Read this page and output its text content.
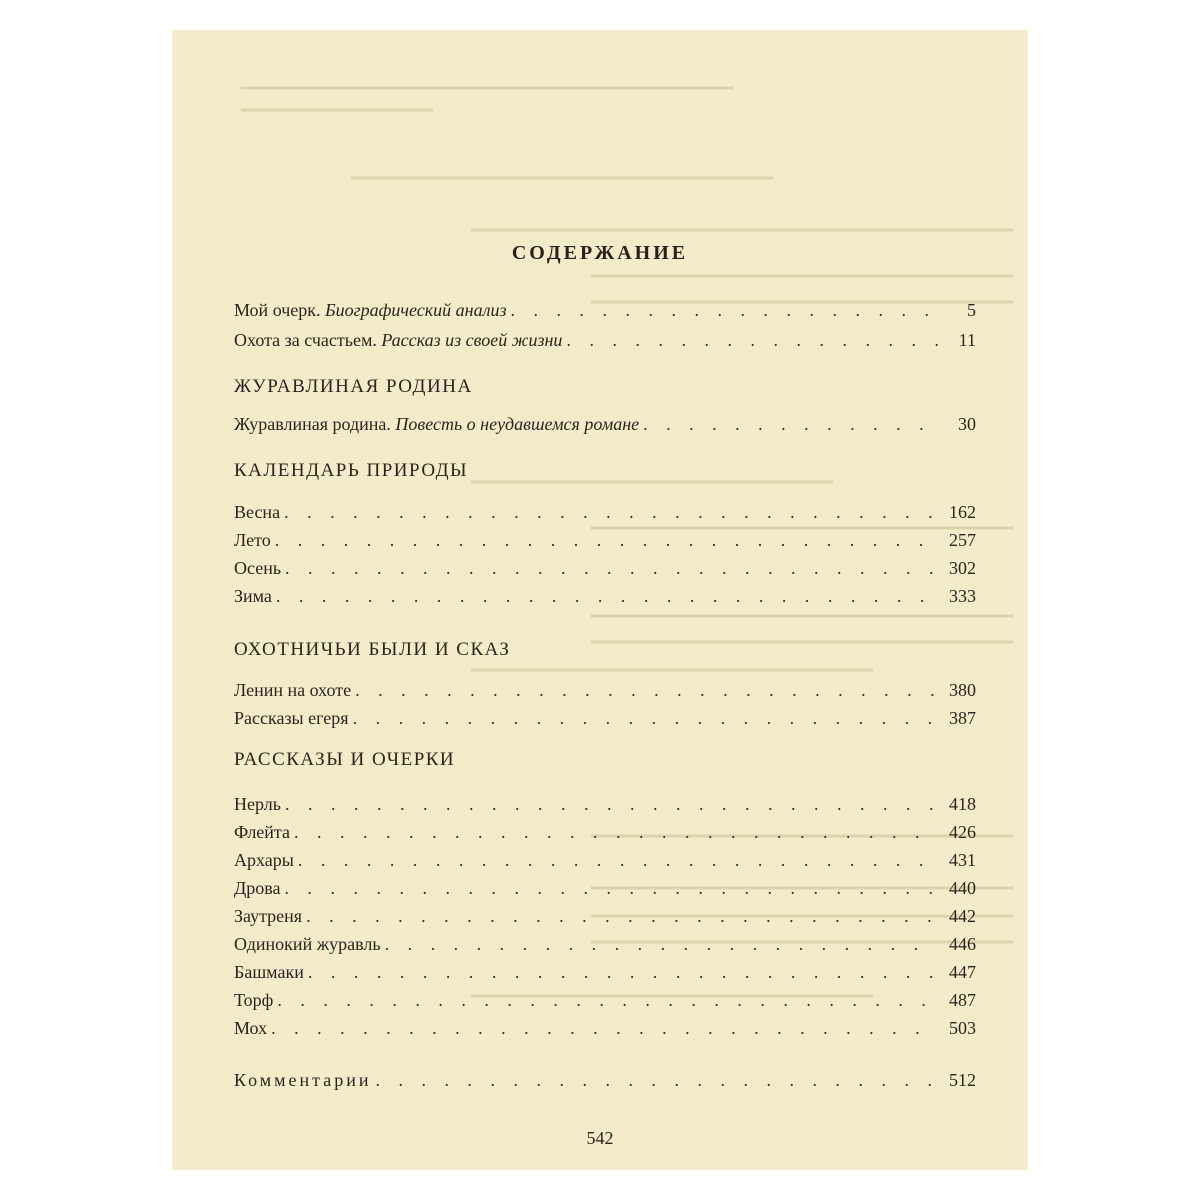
СОДЕРЖАНИЕ
Мой очерк. Биографический анализ . . .	5
Охота за счастьем. Рассказ из своей жизни . . .	11
ЖУРАВЛИНАЯ РОДИНА
Журавлиная родина. Повесть о неудавшемся романе . . .	30
КАЛЕНДАРЬ ПРИРОДЫ
Весна . . .	162
Лето . . .	257
Осень . . .	302
Зима . . .	333
ОХОТНИЧЬИ БЫЛИ И СКАЗ
Ленин на охоте . . .	380
Рассказы егеря . . .	387
РАССКАЗЫ И ОЧЕРКИ
Нерль . . .	418
Флейта . . .	426
Архары . . .	431
Дрова . . .	440
Заутреня . . .	442
Одинокий журавль . . .	446
Башмаки . . .	447
Торф . . .	487
Мох . . .	503
Комментарии . . .	512
542
